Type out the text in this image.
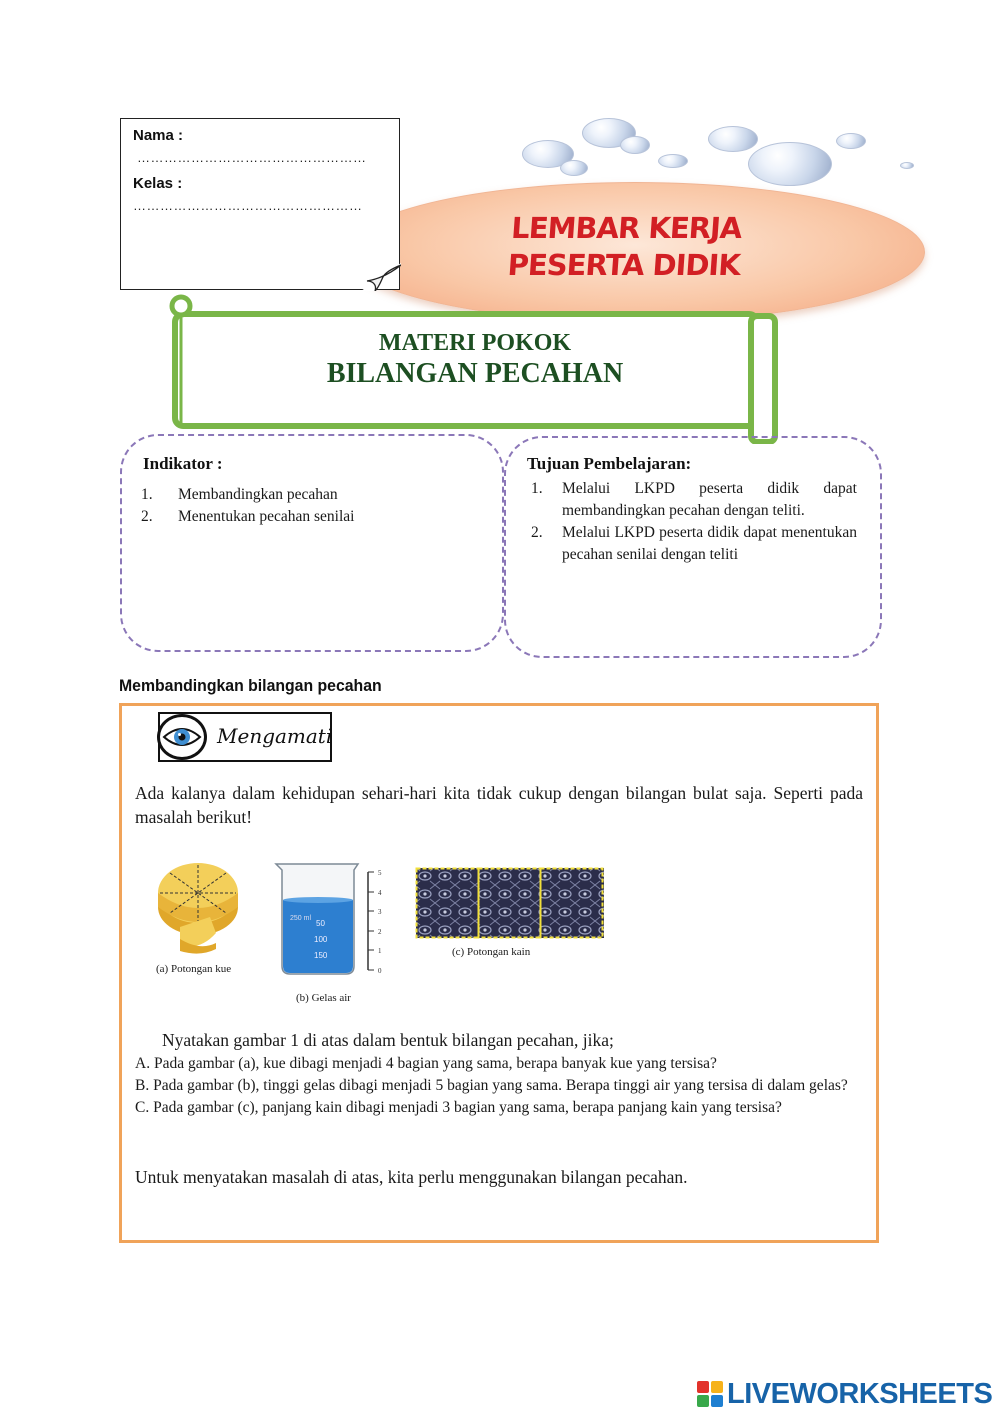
LEMBAR KERJA
PESERTA DIDIK
Nama :
……………………………………………
Kelas :
……………………………………………
MATERI POKOK
BILANGAN PECAHAN
Indikator :
1.	Membandingkan pecahan
2.	Menentukan pecahan senilai
Tujuan Pembelajaran:
1.	Melalui LKPD peserta didik dapat membandingkan pecahan dengan teliti.
2.	Melalui LKPD peserta didik dapat menentukan pecahan senilai dengan teliti
Membandingkan bilangan pecahan
Mengamati
Ada kalanya dalam kehidupan sehari-hari kita tidak cukup dengan bilangan bulat saja. Seperti pada masalah berikut!
(a) Potongan kue
250 ml
50
100
150
5
4
3
2
1
0
(b) Gelas air
(c) Potongan kain
Nyatakan gambar 1 di atas dalam bentuk bilangan pecahan, jika;
A. Pada gambar (a), kue dibagi menjadi 4 bagian yang sama, berapa banyak kue yang tersisa?
B. Pada gambar (b), tinggi gelas dibagi menjadi 5 bagian yang sama. Berapa tinggi air yang tersisa di dalam gelas?
C. Pada gambar (c), panjang kain dibagi menjadi 3 bagian yang sama, berapa panjang kain yang tersisa?
Untuk menyatakan masalah di atas, kita perlu menggunakan bilangan pecahan.
LIVEWORKSHEETS
